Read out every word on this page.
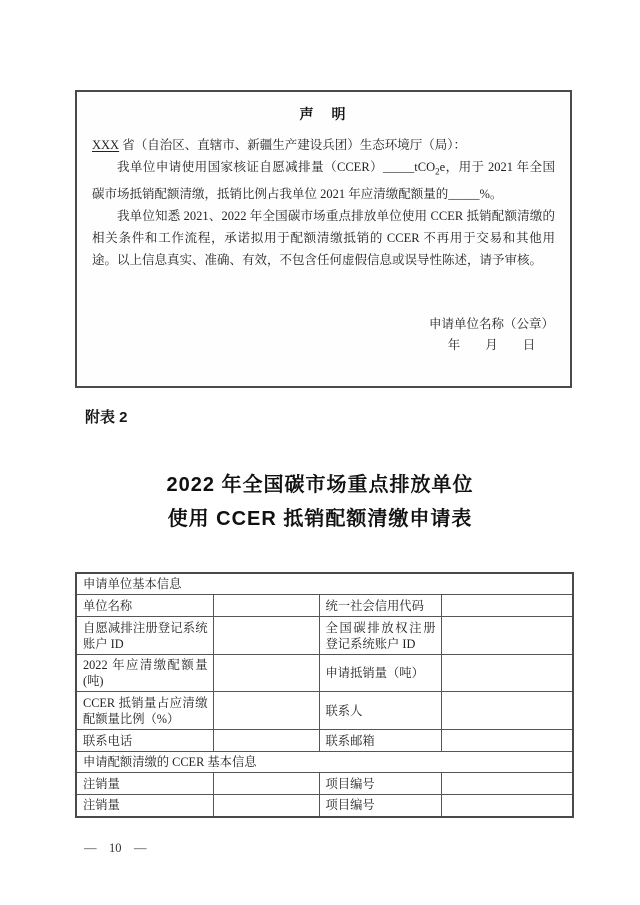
声　明

XXX 省（自治区、直辖市、新疆生产建设兵团）生态环境厅（局）：

我单位申请使用国家核证自愿减排量（CCER）_____tCO$_2$e，用于 2021 年全国碳市场抵销配额清缴，抵销比例占我单位 2021 年应清缴配额量的_____%。

我单位知悉 2021、2022 年全国碳市场重点排放单位使用 CCER 抵销配额清缴的相关条件和工作流程，承诺拟用于配额清缴抵销的 CCER 不再用于交易和其他用途。以上信息真实、准确、有效，不包含任何虚假信息或误导性陈述，请予审核。

申请单位名称（公章）
年　　月　　日
附表 2
2022 年全国碳市场重点排放单位
使用 CCER 抵销配额清缴申请表
申请单位基本信息			
单位名称		统一社会信用代码	
自愿减排注册登记系统账户 ID		全国碳排放权注册登记系统账户 ID	
2022 年应清缴配额量(吨)		申请抵销量（吨）	
CCER 抵销量占应清缴配额量比例（%）		联系人	
联系电话		联系邮箱	
申请配额清缴的 CCER 基本信息			
注销量		项目编号	
注销量		项目编号	
—　10　—
